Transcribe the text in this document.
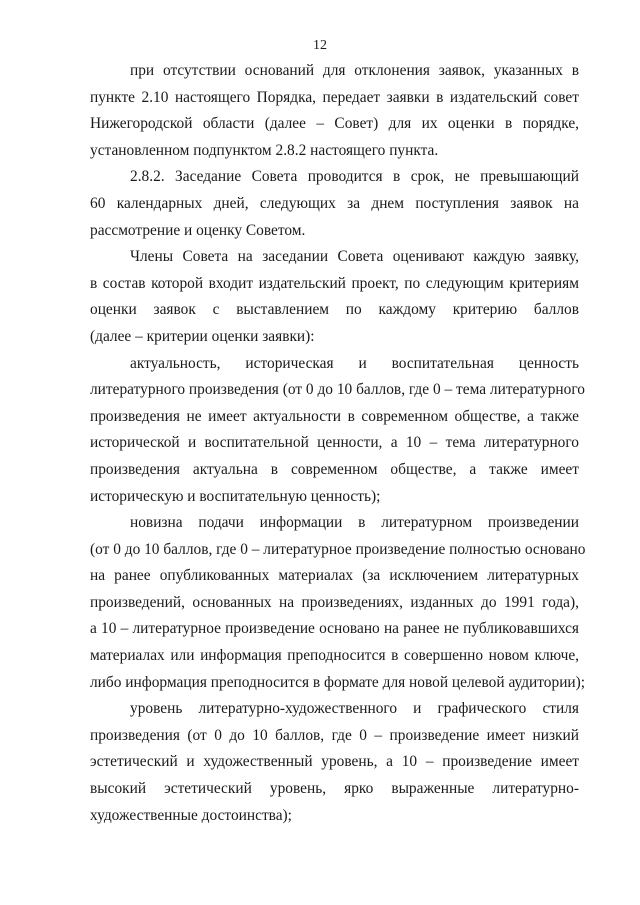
12
при отсутствии оснований для отклонения заявок, указанных в
пункте 2.10 настоящего Порядка, передает заявки в издательский совет
Нижегородской области (далее – Совет) для их оценки в порядке,
установленном подпунктом 2.8.2 настоящего пункта.
2.8.2. Заседание Совета проводится в срок, не превышающий
60 календарных дней, следующих за днем поступления заявок на
рассмотрение и оценку Советом.
Члены Совета на заседании Совета оценивают каждую заявку,
в состав которой входит издательский проект, по следующим критериям
оценки заявок с выставлением по каждому критерию баллов
(далее – критерии оценки заявки):
актуальность, историческая и воспитательная ценность
литературного произведения (от 0 до 10 баллов, где 0 – тема литературного
произведения не имеет актуальности в современном обществе, а также
исторической и воспитательной ценности, а 10 – тема литературного
произведения актуальна в современном обществе, а также имеет
историческую и воспитательную ценность);
новизна подачи информации в литературном произведении
(от 0 до 10 баллов, где 0 – литературное произведение полностью основано
на ранее опубликованных материалах (за исключением литературных
произведений, основанных на произведениях, изданных до 1991 года),
а 10 – литературное произведение основано на ранее не публиковавшихся
материалах или информация преподносится в совершенно новом ключе,
либо информация преподносится в формате для новой целевой аудитории);
уровень литературно-художественного и графического стиля
произведения (от 0 до 10 баллов, где 0 – произведение имеет низкий
эстетический и художественный уровень, а 10 – произведение имеет
высокий эстетический уровень, ярко выраженные литературно-
художественные достоинства);
